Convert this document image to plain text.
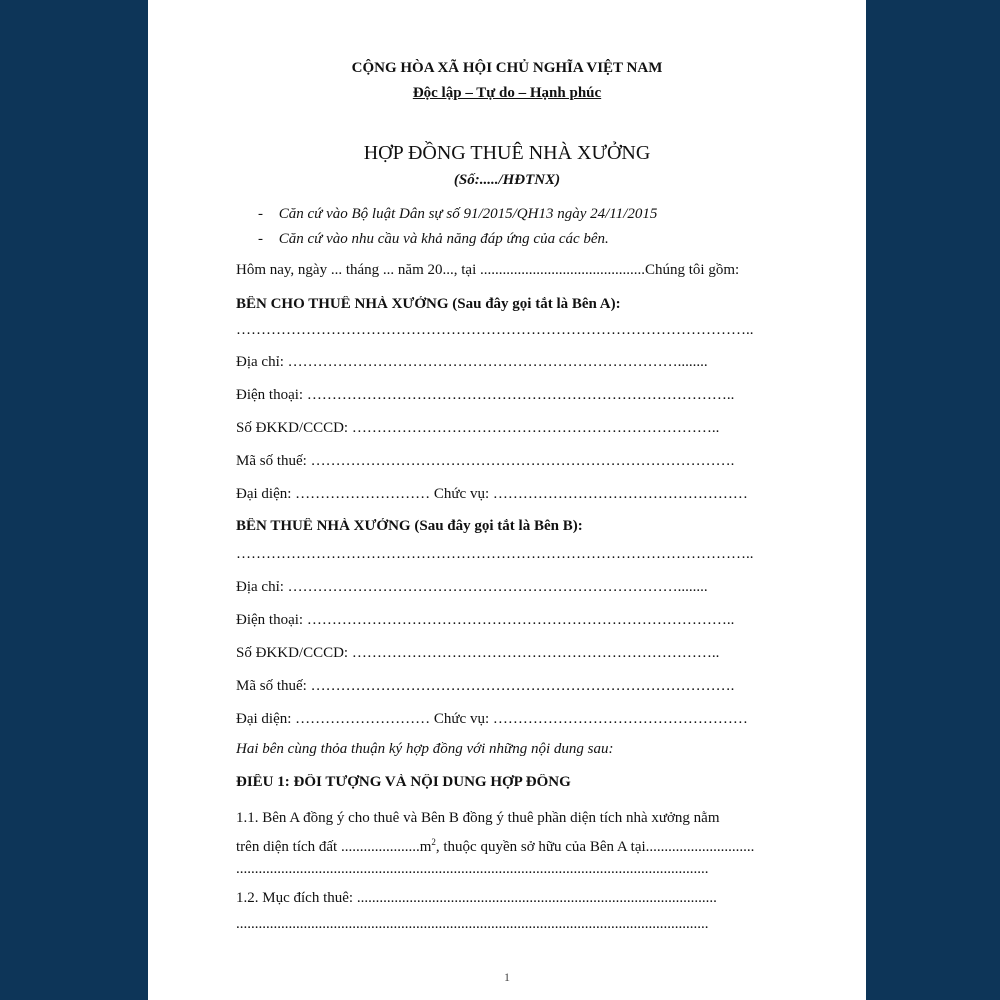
CỘNG HÒA XÃ HỘI CHỦ NGHĨA VIỆT NAM
Độc lập – Tự do – Hạnh phúc
HỢP ĐỒNG THUÊ NHÀ XƯỞNG
(Số:...../HĐTNX)
- Căn cứ vào Bộ luật Dân sự số 91/2015/QH13 ngày 24/11/2015
- Căn cứ vào nhu cầu và khả năng đáp ứng của các bên.
Hôm nay, ngày ... tháng ... năm 20..., tại ............................................Chúng tôi gồm:
BÊN CHO THUÊ NHÀ XƯỞNG (Sau đây gọi tắt là Bên A):
…………………………………………………………………………………………..
Địa chỉ: ……………………………………………………………………........
Điện thoại: …………………………………………………………………………..
Số ĐKKD/CCCD: ………………………………………………………………..
Mã số thuế: ………………………………………………………………………….
Đại diện: ……………………… Chức vụ: ……………………………………………
BÊN THUÊ NHÀ XƯỞNG (Sau đây gọi tắt là Bên B):
…………………………………………………………………………………………..
Địa chỉ: ……………………………………………………………………........
Điện thoại: …………………………………………………………………………..
Số ĐKKD/CCCD: ………………………………………………………………..
Mã số thuế: ………………………………………………………………………….
Đại diện: ……………………… Chức vụ: ……………………………………………
Hai bên cùng thỏa thuận ký hợp đồng với những nội dung sau:
ĐIỀU 1: ĐỐI TƯỢNG VÀ NỘI DUNG HỢP ĐỒNG
1.1. Bên A đồng ý cho thuê và Bên B đồng ý thuê phần diện tích nhà xưởng nằm
trên diện tích đất $.....................m^2$, thuộc quyền sở hữu của Bên A tại.............................
..............................................................................................................................
1.2. Mục đích thuê: ................................................................................................
..............................................................................................................................
1
